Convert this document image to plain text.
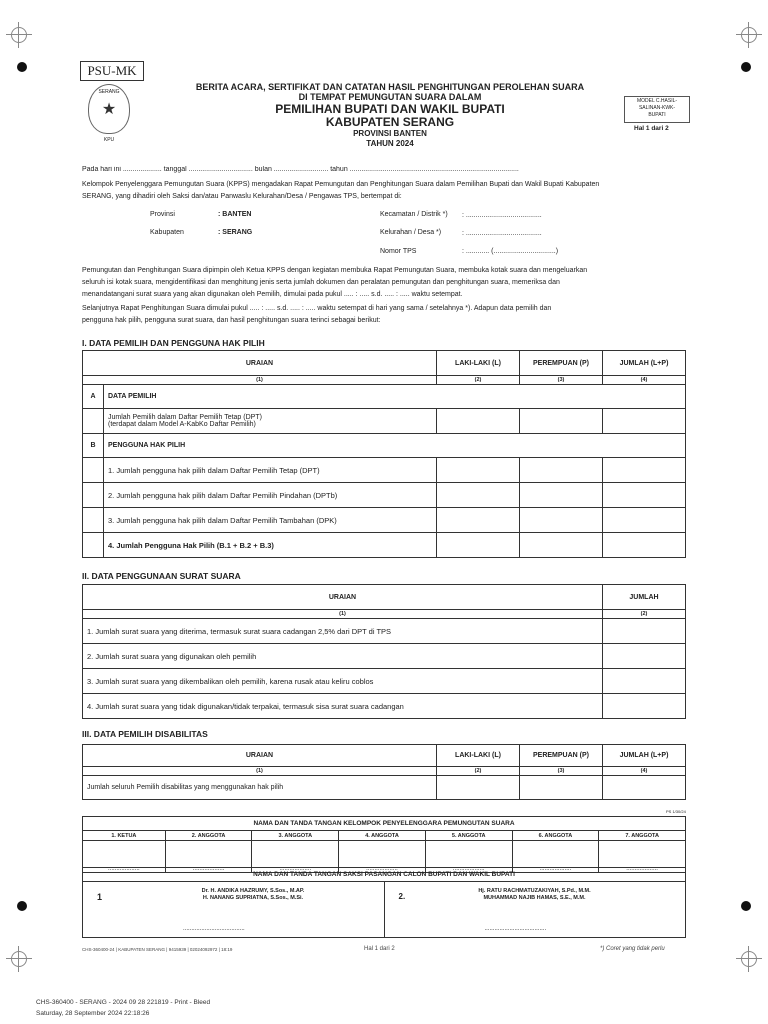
PSU-MK
SERANG
★
KPU
BERITA ACARA, SERTIFIKAT DAN CATATAN HASIL PENGHITUNGAN PEROLEHAN SUARA
DI TEMPAT PEMUNGUTAN SUARA DALAM
PEMILIHAN BUPATI DAN WAKIL BUPATI
KABUPATEN SERANG
PROVINSI BANTEN
TAHUN 2024
MODEL C.HASIL-
SALINAN-KWK-
BUPATI
Hal 1 dari 2
Pada hari ini .................... tanggal ................................. bulan ............................ tahun .......................................................................................
Kelompok Penyelenggara Pemungutan Suara (KPPS) mengadakan Rapat Pemungutan dan Penghitungan Suara dalam Pemilihan Bupati dan Wakil Bupati Kabupaten
SERANG, yang dihadiri oleh Saksi dan/atau Panwaslu Kelurahan/Desa / Pengawas TPS, bertempat di:
Provinsi	: BANTEN
Kabupaten	: SERANG
Kecamatan / Distrik *) : .......................................
Kelurahan / Desa *)	: .......................................
Nomor TPS	: ............ (................................)
Pemungutan dan Penghitungan Suara dipimpin oleh Ketua KPPS dengan kegiatan membuka Rapat Pemungutan Suara, membuka kotak suara dan mengeluarkan
seluruh isi kotak suara, mengidentifikasi dan menghitung jenis serta jumlah dokumen dan peralatan pemungutan dan penghitungan suara, memeriksa dan
menandatangani surat suara yang akan digunakan oleh Pemilih, dimulai pada pukul ..... : ..... s.d. ..... : ..... waktu setempat.
Selanjutnya Rapat Penghitungan Suara dimulai pukul ..... : ..... s.d. ..... : ..... waktu setempat di hari yang sama / setelahnya *). Adapun data pemilih dan
pengguna hak pilih, pengguna surat suara, dan hasil penghitungan suara terinci sebagai berikut:
I. DATA PEMILIH DAN PENGGUNA HAK PILIH
URAIAN		LAKI-LAKI (L)	PEREMPUAN (P)	JUMLAH (L+P)
(1)		(2)	(3)	(4)
A	DATA PEMILIH			

	Jumlah Pemilih dalam Daftar Pemilih Tetap (DPT)
(terdapat dalam Model A-KabKo Daftar Pemilih)			

B	PENGGUNA HAK PILIH			
	1. Jumlah pengguna hak pilih dalam Daftar Pemilih Tetap (DPT)	

	2. Jumlah pengguna hak pilih dalam Daftar Pemilih Pindahan (DPTb)	

	3. Jumlah pengguna hak pilih dalam Daftar Pemilih Tambahan (DPK)	

	4. Jumlah Pengguna Hak Pilih (B.1 + B.2 + B.3)	

II. DATA PENGGUNAAN SURAT SUARA
URAIAN	JUMLAH
(1)	(2)
1. Jumlah surat suara yang diterima, termasuk surat suara cadangan 2,5% dari DPT di TPS	

2. Jumlah surat suara yang digunakan oleh pemilih	

3. Jumlah surat suara yang dikembalikan oleh pemilih, karena rusak atau keliru coblos	

4. Jumlah surat suara yang tidak digunakan/tidak terpakai, termasuk sisa surat suara cadangan	
III. DATA PEMILIH DISABILITAS
URAIAN	LAKI-LAKI (L)	PEREMPUAN (P)	JUMLAH (L+P)
(1)	(2)	(3)	(4)
Jumlah seluruh Pemilih disabilitas yang menggunakan hak pilih	

PS 1/30/24
NAMA DAN TANDA TANGAN KELOMPOK PENYELENGGARA PEMUNGUTAN SUARA						
1. KETUA	2. ANGGOTA	3. ANGGOTA	4. ANGGOTA	5. ANGGOTA	6. ANGGOTA	7. ANGGOTA
...................	...................	...................	...................	...................	...................	...................
NAMA DAN TANDA TANGAN SAKSI PASANGAN CALON BUPATI DAN WAKIL BUPATI

1
Dr. H. ANDIKA HAZRUMY, S.Sos., M.AP.
H. NANANG SUPRIATNA, S.Sos., M.Si.
.....................................

2.
Hj. RATU RACHMATUZAKIYAH, S.Pd., M.M.
MUHAMMAD NAJIB HAMAS, S.E., M.M.
.....................................
CHS-360400-24 | KABUPATEN SERANG | 9415939 | 02024092972 | 18:19	Hal 1 dari 2	*) Coret yang tidak perlu
CHS-360400 - SERANG - 2024 09 28 221819 - Print - Bleed
Saturday, 28 September 2024 22:18:26
